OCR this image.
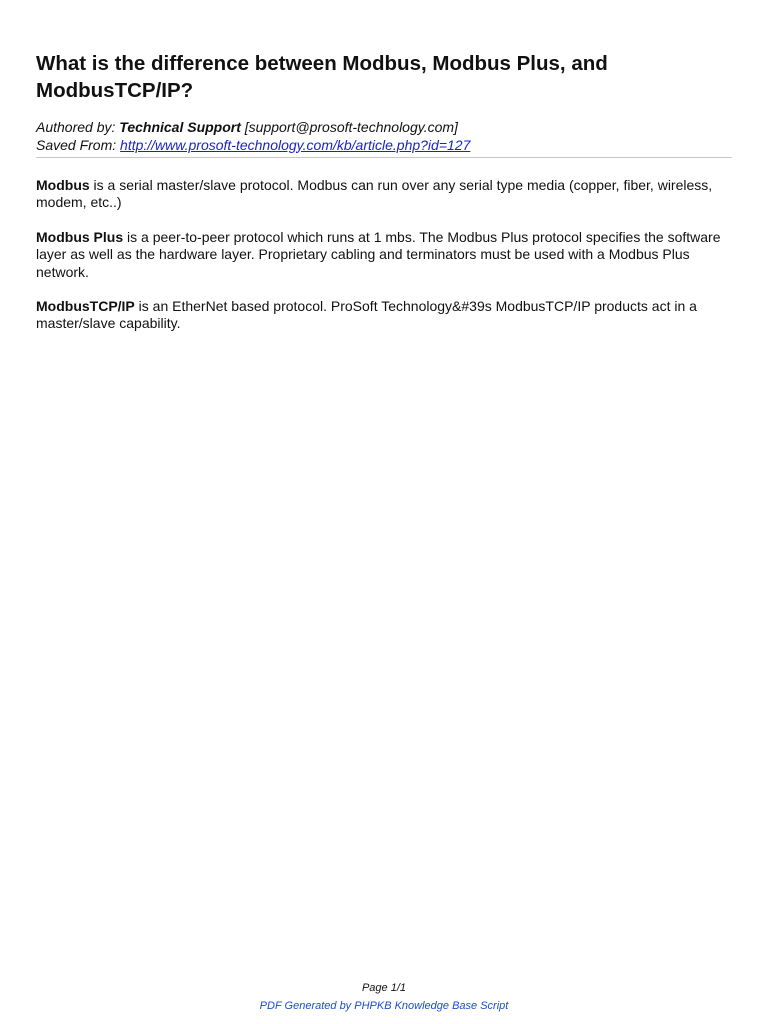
What is the difference between Modbus, Modbus Plus, and ModbusTCP/IP?
Authored by: Technical Support [support@prosoft-technology.com]
Saved From: http://www.prosoft-technology.com/kb/article.php?id=127

Modbus is a serial master/slave protocol. Modbus can run over any serial type media (copper, fiber, wireless, modem, etc..)

Modbus Plus is a peer-to-peer protocol which runs at 1 mbs. The Modbus Plus protocol specifies the software layer as well as the hardware layer. Proprietary cabling and terminators must be used with a Modbus Plus network.

ModbusTCP/IP is an EtherNet based protocol. ProSoft Technology&#39s ModbusTCP/IP products act in a master/slave capability.

Page 1/1
PDF Generated by PHPKB Knowledge Base Script
